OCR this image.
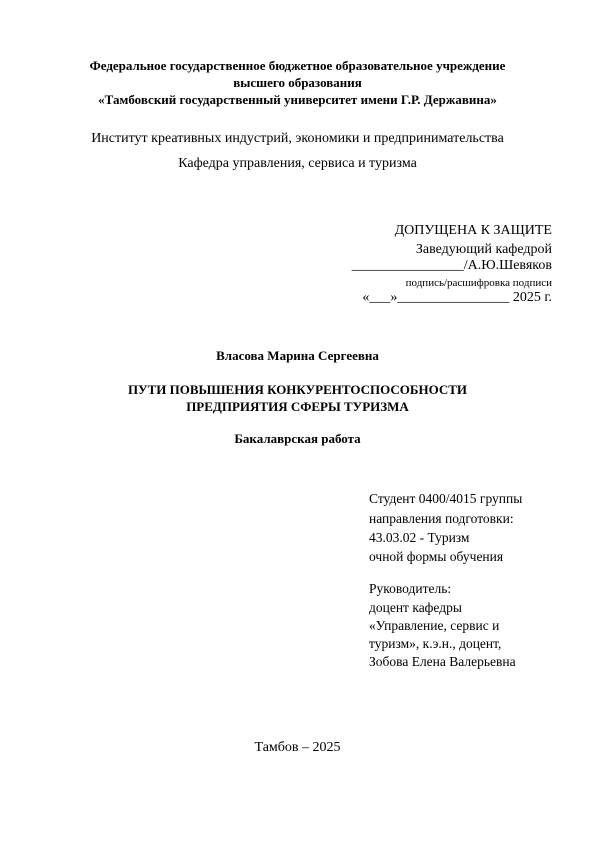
Федеральное государственное бюджетное образовательное учреждение

высшего образования

«Тамбовский государственный университет имени Г.Р. Державина»

Институт креативных индустрий, экономики и предпринимательства

Кафедра управления, сервиса и туризма

ДОПУЩЕНА К ЗАЩИТЕ
Заведующий кафедрой
________________/А.Ю.Шевяков
подпись/расшифровка подписи
«___»________________ 2025 г.

Власова Марина Сергеевна

ПУТИ ПОВЫШЕНИЯ КОНКУРЕНТОСПОСОБНОСТИ

ПРЕДПРИЯТИЯ СФЕРЫ ТУРИЗМА

Бакалаврская работа

Студент 0400/4015 группы
направления подготовки:
43.03.02 - Туризм
очной формы обучения
Руководитель:
доцент кафедры
«Управление, сервис и
туризм», к.э.н., доцент,
Зобова Елена Валерьевна

Тамбов – 2025
